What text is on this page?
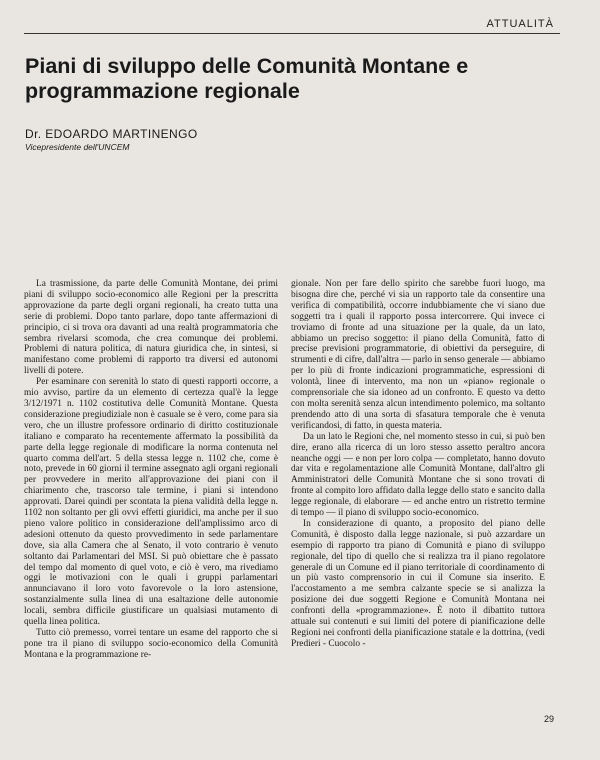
ATTUALITÀ
Piani di sviluppo delle Comunità Montane e programmazione regionale
Dr. EDOARDO MARTINENGO
Vicepresidente dell'UNCEM

La trasmissione, da parte delle Comunità Montane, dei primi piani di sviluppo socio-economico alle Regioni per la prescritta approvazione da parte degli organi regionali, ha creato tutta una serie di problemi. Dopo tanto parlare, dopo tante affermazioni di principio, ci si trova ora davanti ad una realtà programmatoria che sembra rivelarsi scomoda, che crea comunque dei problemi. Problemi di natura politica, di natura giuridica che, in sintesi, si manifestano come problemi di rapporto tra diversi ed autonomi livelli di potere.

Per esaminare con serenità lo stato di questi rapporti occorre, a mio avviso, partire da un elemento di certezza qual'è la legge 3/12/1971 n. 1102 costitutiva delle Comunità Montane. Questa considerazione pregiudiziale non è casuale se è vero, come para sia vero, che un illustre professore ordinario di diritto costituzionale italiano e comparato ha recentemente affermato la possibilità da parte della legge regionale di modificare la norma contenuta nel quarto comma dell'art. 5 della stessa legge n. 1102 che, come è noto, prevede in 60 giorni il termine assegnato agli organi regionali per provvedere in merito all'approvazione dei piani con il chiarimento che, trascorso tale termine, i piani si intendono approvati. Darei quindi per scontata la piena validità della legge n. 1102 non soltanto per gli ovvi effetti giuridici, ma anche per il suo pieno valore politico in considerazione dell'amplissimo arco di adesioni ottenuto da questo provvedimento in sede parlamentare dove, sia alla Camera che al Senato, il voto contrario è venuto soltanto dai Parlamentari del MSI. Si può obiettare che è passato del tempo dal momento di quel voto, e ciò è vero, ma rivediamo oggi le motivazioni con le quali i gruppi parlamentari annunciavano il loro voto favorevole o la loro astensione, sostanzialmente sulla linea di una esaltazione delle autonomie locali, sembra difficile giustificare un qualsiasi mutamento di quella linea politica.

Tutto ciò premesso, vorrei tentare un esame del rapporto che si pone tra il piano di sviluppo socio-economico della Comunità Montana e la programmazione re-

gionale. Non per fare dello spirito che sarebbe fuori luogo, ma bisogna dire che, perché vi sia un rapporto tale da consentire una verifica di compatibilità, occorre indubbiamente che vi siano due soggetti tra i quali il rapporto possa intercorrere. Qui invece ci troviamo di fronte ad una situazione per la quale, da un lato, abbiamo un preciso soggetto: il piano della Comunità, fatto di precise previsioni programmatorie, di obiettivi da perseguire, di strumenti e di cifre, dall'altra — parlo in senso generale — abbiamo per lo più di fronte indicazioni programmatiche, espressioni di volontà, linee di intervento, ma non un «piano» regionale o comprensoriale che sia idoneo ad un confronto. E questo va detto con molta serenità senza alcun intendimento polemico, ma soltanto prendendo atto di una sorta di sfasatura temporale che è venuta verificandosi, di fatto, in questa materia.

Da un lato le Regioni che, nel momento stesso in cui, si può ben dire, erano alla ricerca di un loro stesso assetto peraltro ancora neanche oggi — e non per loro colpa — completato, hanno dovuto dar vita e regolamentazione alle Comunità Montane, dall'altro gli Amministratori delle Comunità Montane che si sono trovati di fronte al compito loro affidato dalla legge dello stato e sancito dalla legge regionale, di elaborare — ed anche entro un ristretto termine di tempo — il piano di sviluppo socio-economico.

In considerazione di quanto, a proposito del piano delle Comunità, è disposto dalla legge nazionale, si può azzardare un esempio di rapporto tra piano di Comunità e piano di sviluppo regionale, del tipo di quello che si realizza tra il piano regolatore generale di un Comune ed il piano territoriale di coordinamento di un più vasto comprensorio in cui il Comune sia inserito. E l'accostamento a me sembra calzante specie se si analizza la posizione dei due soggetti Regione e Comunità Montana nei confronti della «programmazione». È noto il dibattito tuttora attuale sui contenuti e sui limiti del potere di pianificazione delle Regioni nei confronti della pianificazione statale e la dottrina, (vedi Predieri - Cuocolo -

29
